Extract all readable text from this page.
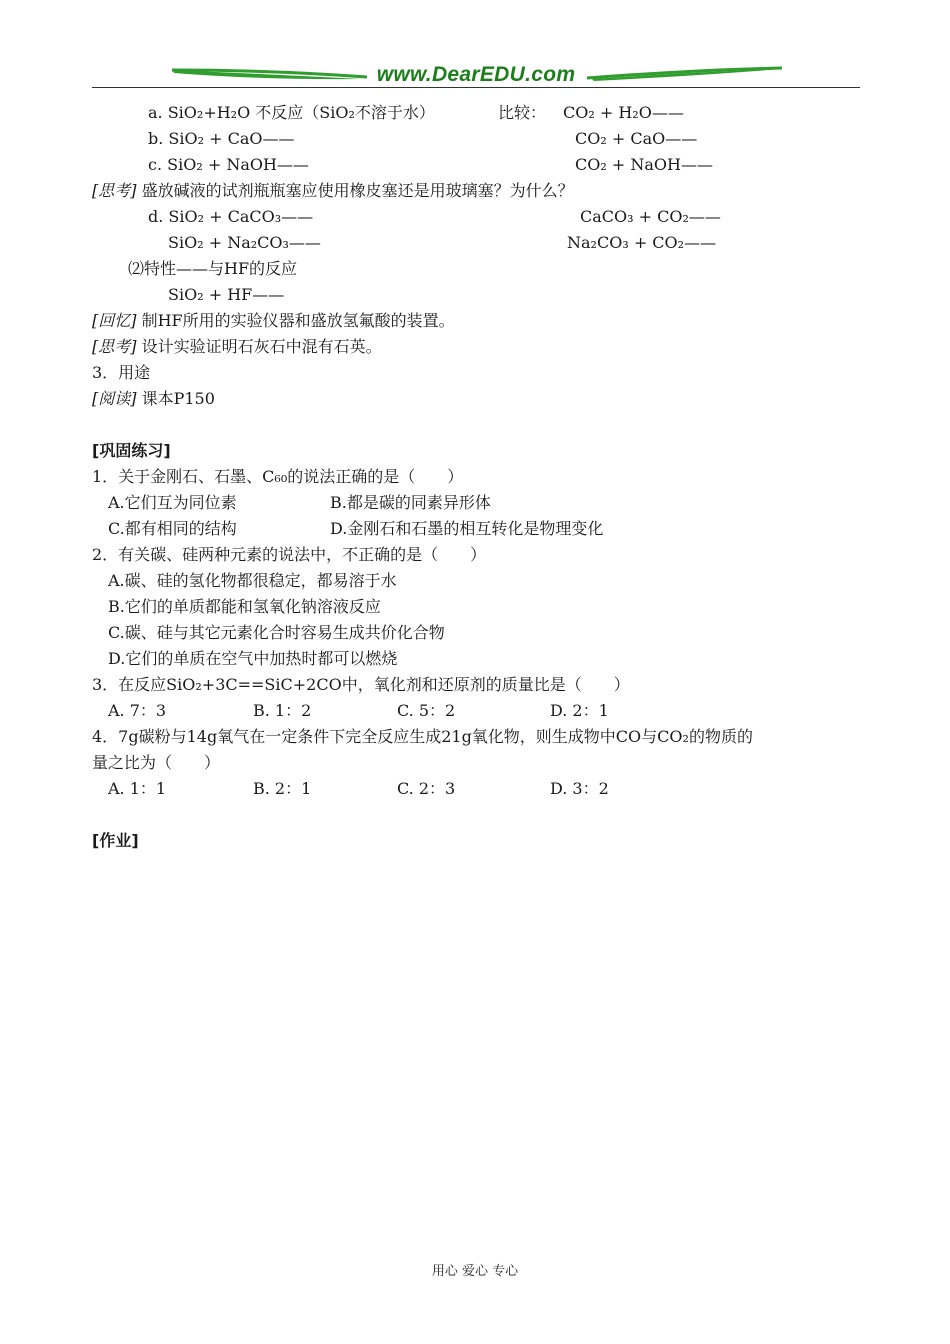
www.DearEDU.com
a. SiO₂+H₂O 不反应（SiO₂不溶于水）	比较： CO₂ + H₂O——
b. SiO₂ + CaO——	CO₂ + CaO——
c. SiO₂ + NaOH——	CO₂ + NaOH——
[思考] 盛放碱液的试剂瓶瓶塞应使用橡皮塞还是用玻璃塞？为什么？
d. SiO₂ + CaCO₃——	CaCO₃ + CO₂——
SiO₂ + Na₂CO₃——	Na₂CO₃ + CO₂——
⑵特性——与HF的反应
SiO₂ + HF——
[回忆] 制HF所用的实验仪器和盛放氢氟酸的装置。
[思考] 设计实验证明石灰石中混有石英。
3．用途
[阅读] 课本P150
[巩固练习]
1．关于金刚石、石墨、C₆₀的说法正确的是（　　）
A.它们互为同位素	B.都是碳的同素异形体
C.都有相同的结构	D.金刚石和石墨的相互转化是物理变化
2．有关碳、硅两种元素的说法中，不正确的是（　　）
A.碳、硅的氢化物都很稳定，都易溶于水
B.它们的单质都能和氢氧化钠溶液反应
C.碳、硅与其它元素化合时容易生成共价化合物
D.它们的单质在空气中加热时都可以燃烧
3．在反应SiO₂+3C==SiC+2CO中，氧化剂和还原剂的质量比是（　　）
A. 7：3	B. 1：2	C. 5：2	D. 2：1
4．7g碳粉与14g氧气在一定条件下完全反应生成21g氧化物，则生成物中CO与CO₂的物质的
量之比为（　　）
A. 1：1	B. 2：1	C. 2：3	D. 3：2
[作业]
用心 爱心 专心
